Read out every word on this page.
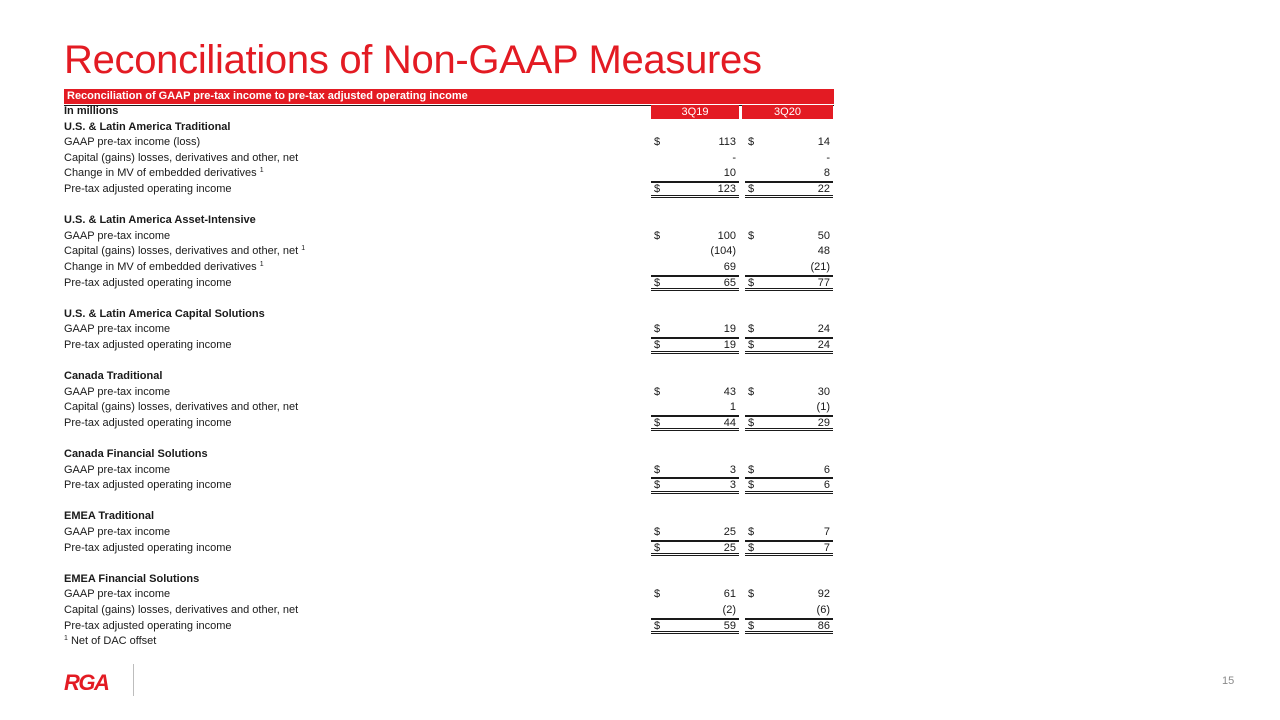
Reconciliations of Non-GAAP Measures
Reconciliation of GAAP pre-tax income to pre-tax adjusted operating income
In millions	3Q19	3Q20
U.S. & Latin America Traditional
GAAP pre-tax income (loss)	$	113 $	14
Capital (gains) losses, derivatives and other, net	-	-
Change in MV of embedded derivatives $^1$	10	8
Pre-tax adjusted operating income	$	123 $	22
U.S. & Latin America Asset-Intensive
GAAP pre-tax income	$	100 $	50
Capital (gains) losses, derivatives and other, net $^1$	(104)	48
Change in MV of embedded derivatives $^1$	69	(21)
Pre-tax adjusted operating income	$	65 $	77
U.S. & Latin America Capital Solutions
GAAP pre-tax income	$	19 $	24
Pre-tax adjusted operating income	$	19 $	24
Canada Traditional
GAAP pre-tax income	$	43 $	30
Capital (gains) losses, derivatives and other, net	1	(1)
Pre-tax adjusted operating income	$	44 $	29
Canada Financial Solutions
GAAP pre-tax income	$	3 $	6
Pre-tax adjusted operating income	$	3 $	6
EMEA Traditional
GAAP pre-tax income	$	25 $	7
Pre-tax adjusted operating income	$	25 $	7
EMEA Financial Solutions
GAAP pre-tax income	$	61 $	92
Capital (gains) losses, derivatives and other, net	(2)	(6)
Pre-tax adjusted operating income	$	59 $	86
$^1$ Net of DAC offset
RGA	15
